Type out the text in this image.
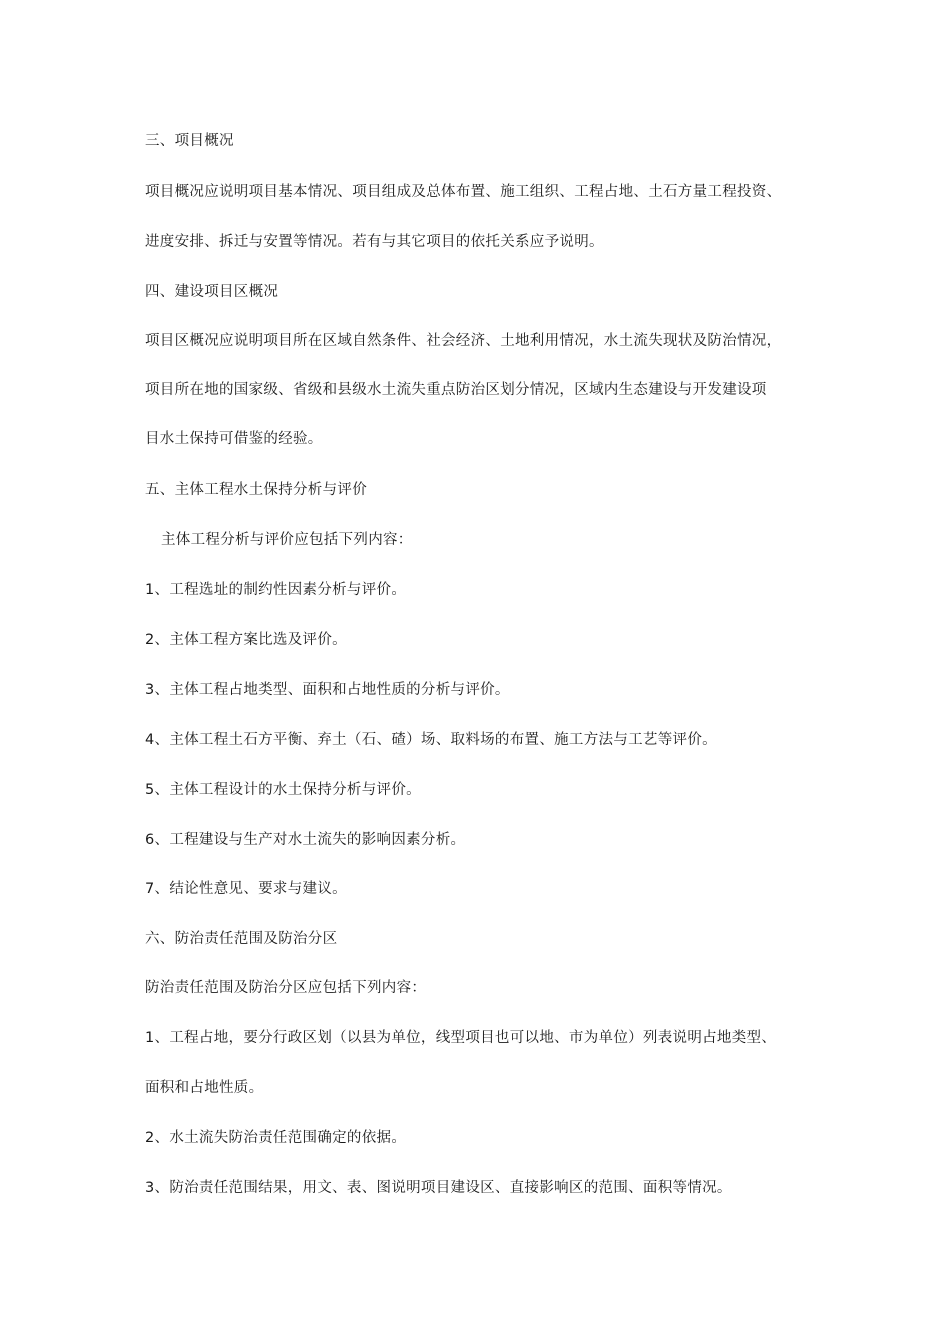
三、项目概况
项目概况应说明项目基本情况、项目组成及总体布置、施工组织、工程占地、土石方量工程投资、
进度安排、拆迁与安置等情况。若有与其它项目的依托关系应予说明。
四、建设项目区概况
项目区概况应说明项目所在区域自然条件、社会经济、土地利用情况，水土流失现状及防治情况，
项目所在地的国家级、省级和县级水土流失重点防治区划分情况，区域内生态建设与开发建设项
目水土保持可借鉴的经验。
五、主体工程水土保持分析与评价
主体工程分析与评价应包括下列内容：
1、工程选址的制约性因素分析与评价。
2、主体工程方案比选及评价。
3、主体工程占地类型、面积和占地性质的分析与评价。
4、主体工程土石方平衡、弃土（石、碴）场、取料场的布置、施工方法与工艺等评价。
5、主体工程设计的水土保持分析与评价。
6、工程建设与生产对水土流失的影响因素分析。
7、结论性意见、要求与建议。
六、防治责任范围及防治分区
防治责任范围及防治分区应包括下列内容：
1、工程占地，要分行政区划（以县为单位，线型项目也可以地、市为单位）列表说明占地类型、
面积和占地性质。
2、水土流失防治责任范围确定的依据。
3、防治责任范围结果，用文、表、图说明项目建设区、直接影响区的范围、面积等情况。
